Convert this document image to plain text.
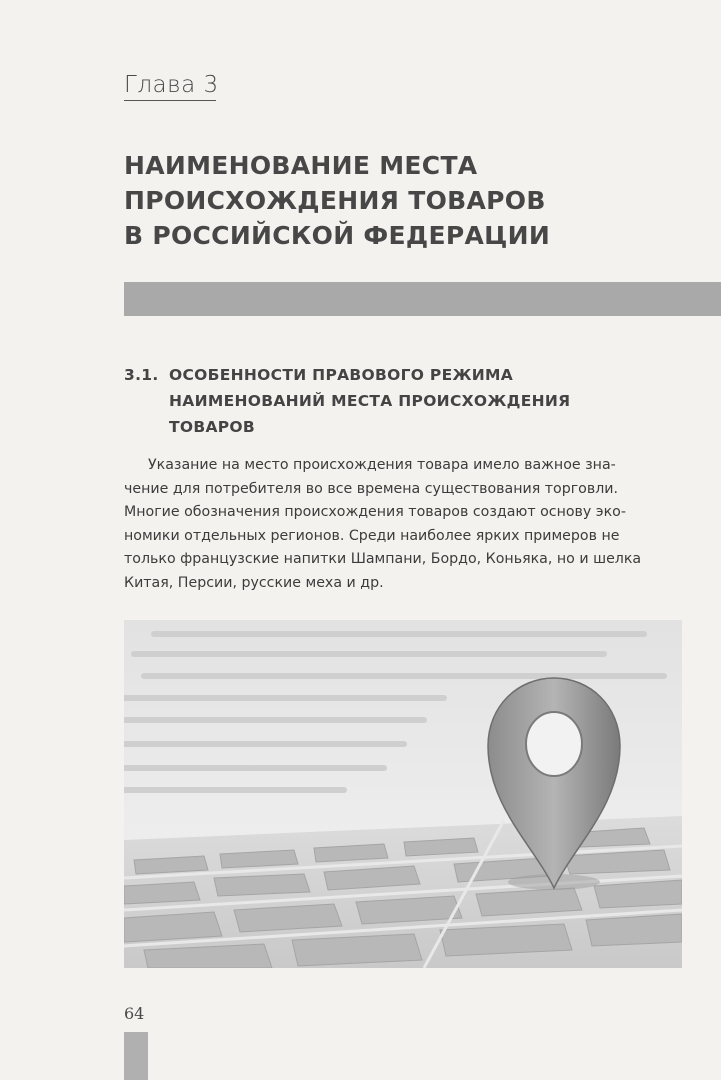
Глава 3
НАИМЕНОВАНИЕ МЕСТА
ПРОИСХОЖДЕНИЯ ТОВАРОВ
В РОССИЙСКОЙ ФЕДЕРАЦИИ
3.1. ОСОБЕННОСТИ ПРАВОВОГО РЕЖИМА
НАИМЕНОВАНИЙ МЕСТА ПРОИСХОЖДЕНИЯ
ТОВАРОВ
Указание на место происхождения товара имело важное зна-
чение для потребителя во все времена существования торговли.
Многие обозначения происхождения товаров создают основу эко-
номики отдельных регионов. Среди наиболее ярких примеров не
только французские напитки Шампани, Бордо, Коньяка, но и шелка
Китая, Персии, русские меха и др.
64
